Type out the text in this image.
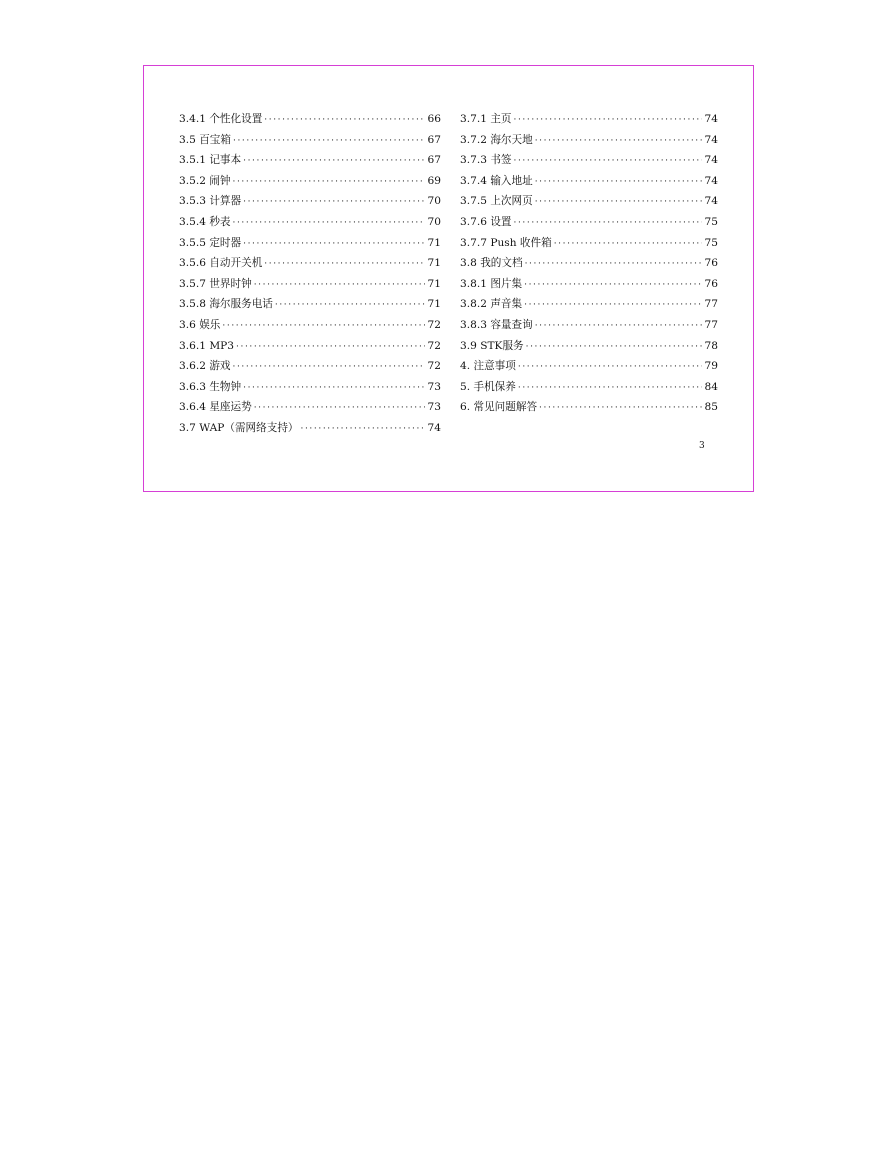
3.4.1 个性化设置 ·····	66
3.5 百宝箱 ·····	67
3.5.1 记事本 ·····	67
3.5.2 闹钟 ·····	69
3.5.3 计算器 ·····	70
3.5.4 秒表 ·····	70
3.5.5 定时器 ·····	71
3.5.6 自动开关机 ·····	71
3.5.7 世界时钟 ·····	71
3.5.8 海尔服务电话 ·····	71
3.6 娱乐 ·····	72
3.6.1 MP3 ·····	72
3.6.2 游戏 ·····	72
3.6.3 生物钟 ·····	73
3.6.4 星座运势 ·····	73
3.7 WAP（需网络支持） ·····	74
3.7.1 主页 ·····	74
3.7.2 海尔天地 ·····	74
3.7.3 书签 ·····	74
3.7.4 输入地址 ·····	74
3.7.5 上次网页 ·····	74
3.7.6 设置 ·····	75
3.7.7 Push 收件箱 ·····	75
3.8 我的文档 ·····	76
3.8.1 图片集 ·····	76
3.8.2 声音集 ·····	77
3.8.3 容量查询 ·····	77
3.9 STK服务 ·····	78
4. 注意事项 ·····	79
5. 手机保养 ·····	84
6. 常见问题解答 ·····	85
3
